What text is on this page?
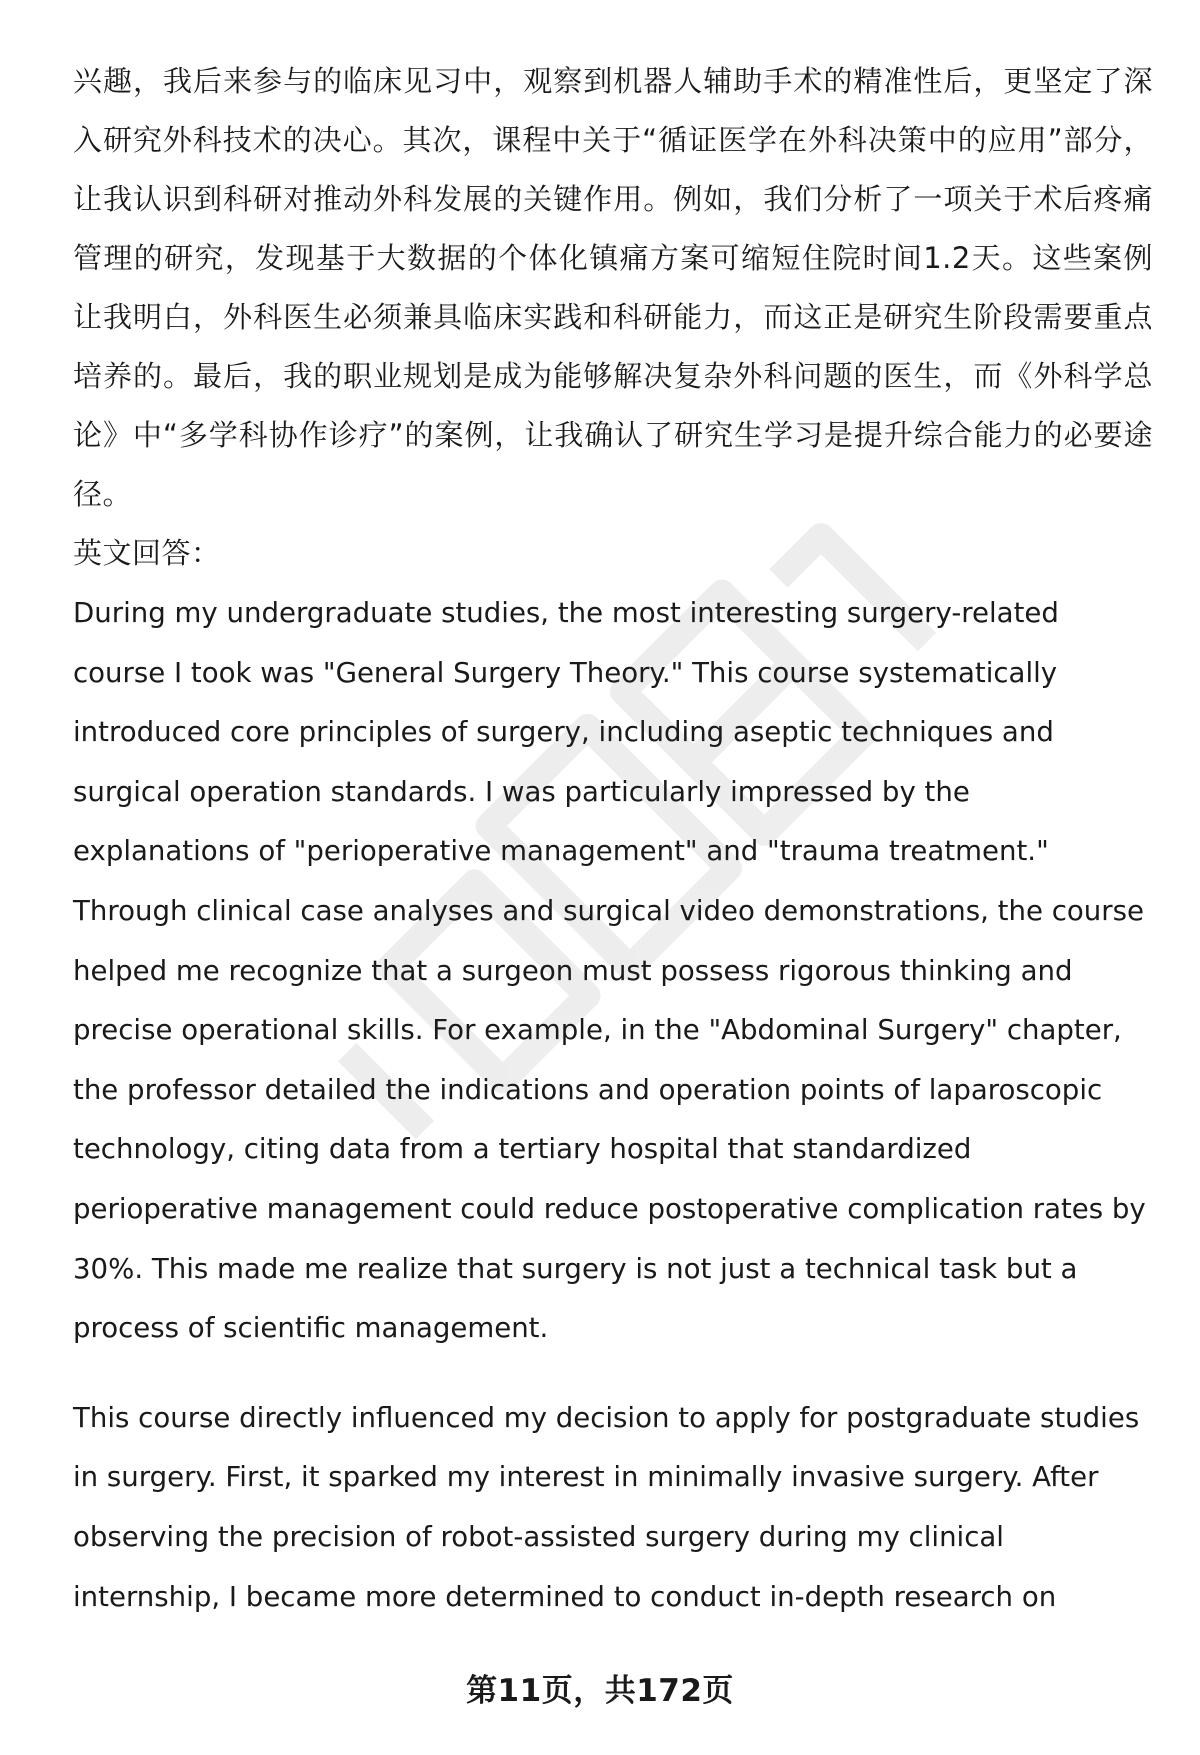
兴趣，我后来参与的临床见习中，观察到机器人辅助手术的精准性后，更坚定了深入研究外科技术的决心。其次，课程中关于“循证医学在外科决策中的应用”部分，让我认识到科研对推动外科发展的关键作用。例如，我们分析了一项关于术后疼痛管理的研究，发现基于大数据的个体化镇痛方案可缩短住院时间1.2天。这些案例让我明白，外科医生必须兼具临床实践和科研能力，而这正是研究生阶段需要重点培养的。最后，我的职业规划是成为能够解决复杂外科问题的医生，而《外科学总论》中“多学科协作诊疗”的案例，让我确认了研究生学习是提升综合能力的必要途径。

英文回答：

During my undergraduate studies, the most interesting surgery-related course I took was "General Surgery Theory." This course systematically introduced core principles of surgery, including aseptic techniques and surgical operation standards. I was particularly impressed by the explanations of "perioperative management" and "trauma treatment." Through clinical case analyses and surgical video demonstrations, the course helped me recognize that a surgeon must possess rigorous thinking and precise operational skills. For example, in the "Abdominal Surgery" chapter, the professor detailed the indications and operation points of laparoscopic technology, citing data from a tertiary hospital that standardized perioperative management could reduce postoperative complication rates by 30%. This made me realize that surgery is not just a technical task but a process of scientific management.

This course directly influenced my decision to apply for postgraduate studies in surgery. First, it sparked my interest in minimally invasive surgery. After observing the precision of robot-assisted surgery during my clinical internship, I became more determined to conduct in-depth research on

第11页，共172页
